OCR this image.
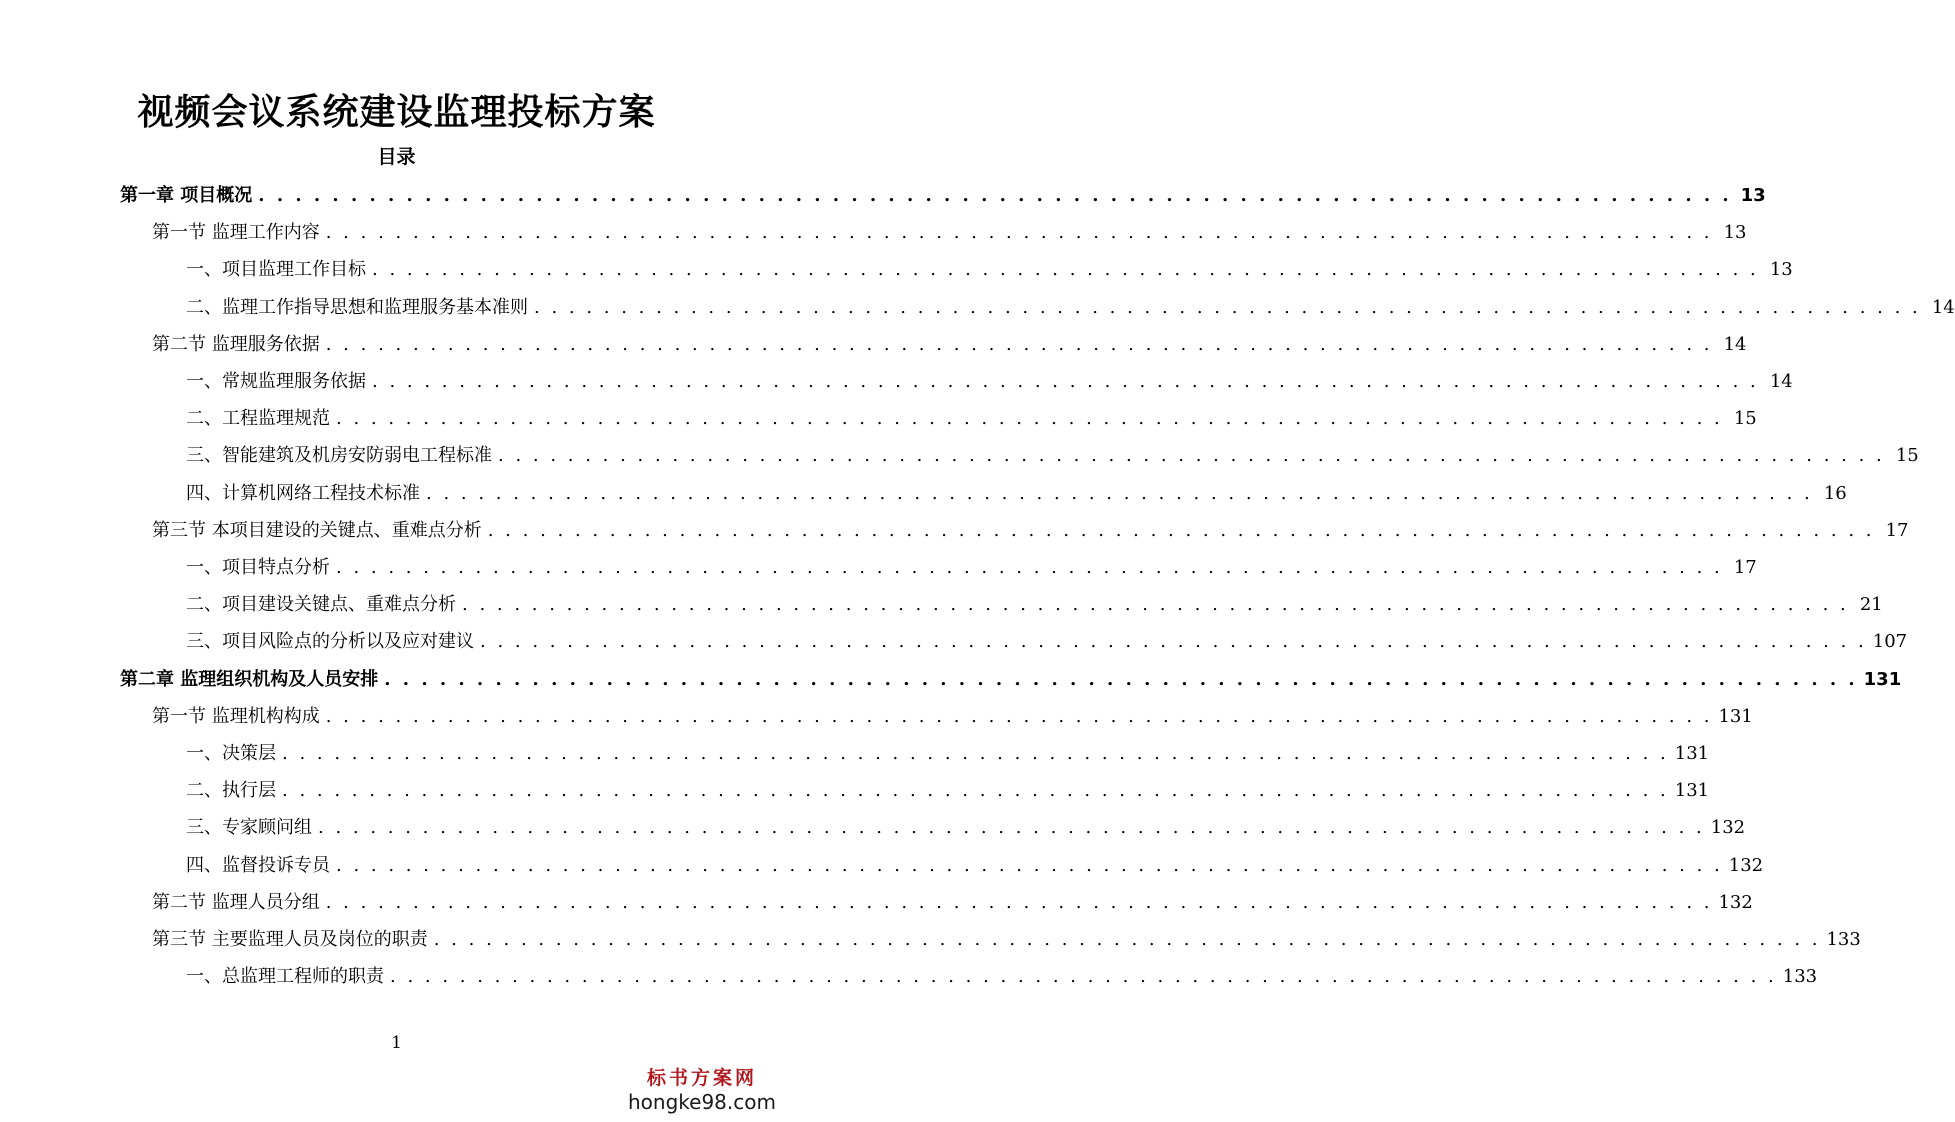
视频会议系统建设监理投标方案
目录
第一章 项目概况 . . . . . . . . . . . . . . . . . . . . . . . . . . . . . . . . . . . . . . . . . . . . . . . . . . . . . . . . . . . . . . . . . . . . . . . . . . . . . . . . 13
第一节 监理工作内容 . . . . . . . . . . . . . . . . . . . . . . . . . . . . . . . . . . . . . . . . . . . . . . . . . . . . . . . . . . . . . . . . . . . . . . . . . . . . . . . . 13
一、项目监理工作目标 . . . . . . . . . . . . . . . . . . . . . . . . . . . . . . . . . . . . . . . . . . . . . . . . . . . . . . . . . . . . . . . . . . . . . . . . . . . . . . . . 13
二、监理工作指导思想和监理服务基本准则 . . . . . . . . . . . . . . . . . . . . . . . . . . . . . . . . . . . . . . . . . . . . . . . . . . . . . . . . . . . . . . . . . . . . . . . . . . . . . . . . 14
第二节 监理服务依据 . . . . . . . . . . . . . . . . . . . . . . . . . . . . . . . . . . . . . . . . . . . . . . . . . . . . . . . . . . . . . . . . . . . . . . . . . . . . . . . . 14
一、常规监理服务依据 . . . . . . . . . . . . . . . . . . . . . . . . . . . . . . . . . . . . . . . . . . . . . . . . . . . . . . . . . . . . . . . . . . . . . . . . . . . . . . . . 14
二、工程监理规范 . . . . . . . . . . . . . . . . . . . . . . . . . . . . . . . . . . . . . . . . . . . . . . . . . . . . . . . . . . . . . . . . . . . . . . . . . . . . . . . . 15
三、智能建筑及机房安防弱电工程标准 . . . . . . . . . . . . . . . . . . . . . . . . . . . . . . . . . . . . . . . . . . . . . . . . . . . . . . . . . . . . . . . . . . . . . . . . . . . . . . . . 15
四、计算机网络工程技术标准 . . . . . . . . . . . . . . . . . . . . . . . . . . . . . . . . . . . . . . . . . . . . . . . . . . . . . . . . . . . . . . . . . . . . . . . . . . . . . . . . 16
第三节 本项目建设的关键点、重难点分析 . . . . . . . . . . . . . . . . . . . . . . . . . . . . . . . . . . . . . . . . . . . . . . . . . . . . . . . . . . . . . . . . . . . . . . . . . . . . . . . . 17
一、项目特点分析 . . . . . . . . . . . . . . . . . . . . . . . . . . . . . . . . . . . . . . . . . . . . . . . . . . . . . . . . . . . . . . . . . . . . . . . . . . . . . . . . 17
二、项目建设关键点、重难点分析 . . . . . . . . . . . . . . . . . . . . . . . . . . . . . . . . . . . . . . . . . . . . . . . . . . . . . . . . . . . . . . . . . . . . . . . . . . . . . . . . 21
三、项目风险点的分析以及应对建议 . . . . . . . . . . . . . . . . . . . . . . . . . . . . . . . . . . . . . . . . . . . . . . . . . . . . . . . . . . . . . . . . . . . . . . . . . . . . . . . . 107
第二章 监理组织机构及人员安排 . . . . . . . . . . . . . . . . . . . . . . . . . . . . . . . . . . . . . . . . . . . . . . . . . . . . . . . . . . . . . . . . . . . . . . . . . . . . . . . . 131
第一节 监理机构构成 . . . . . . . . . . . . . . . . . . . . . . . . . . . . . . . . . . . . . . . . . . . . . . . . . . . . . . . . . . . . . . . . . . . . . . . . . . . . . . . . 131
一、决策层 . . . . . . . . . . . . . . . . . . . . . . . . . . . . . . . . . . . . . . . . . . . . . . . . . . . . . . . . . . . . . . . . . . . . . . . . . . . . . . . . 131
二、执行层 . . . . . . . . . . . . . . . . . . . . . . . . . . . . . . . . . . . . . . . . . . . . . . . . . . . . . . . . . . . . . . . . . . . . . . . . . . . . . . . . 131
三、专家顾问组 . . . . . . . . . . . . . . . . . . . . . . . . . . . . . . . . . . . . . . . . . . . . . . . . . . . . . . . . . . . . . . . . . . . . . . . . . . . . . . . . 132
四、监督投诉专员 . . . . . . . . . . . . . . . . . . . . . . . . . . . . . . . . . . . . . . . . . . . . . . . . . . . . . . . . . . . . . . . . . . . . . . . . . . . . . . . . 132
第二节 监理人员分组 . . . . . . . . . . . . . . . . . . . . . . . . . . . . . . . . . . . . . . . . . . . . . . . . . . . . . . . . . . . . . . . . . . . . . . . . . . . . . . . . 132
第三节 主要监理人员及岗位的职责 . . . . . . . . . . . . . . . . . . . . . . . . . . . . . . . . . . . . . . . . . . . . . . . . . . . . . . . . . . . . . . . . . . . . . . . . . . . . . . . . 133
一、总监理工程师的职责 . . . . . . . . . . . . . . . . . . . . . . . . . . . . . . . . . . . . . . . . . . . . . . . . . . . . . . . . . . . . . . . . . . . . . . . . . . . . . . . . 133
1
标书方案网
hongke98.com
